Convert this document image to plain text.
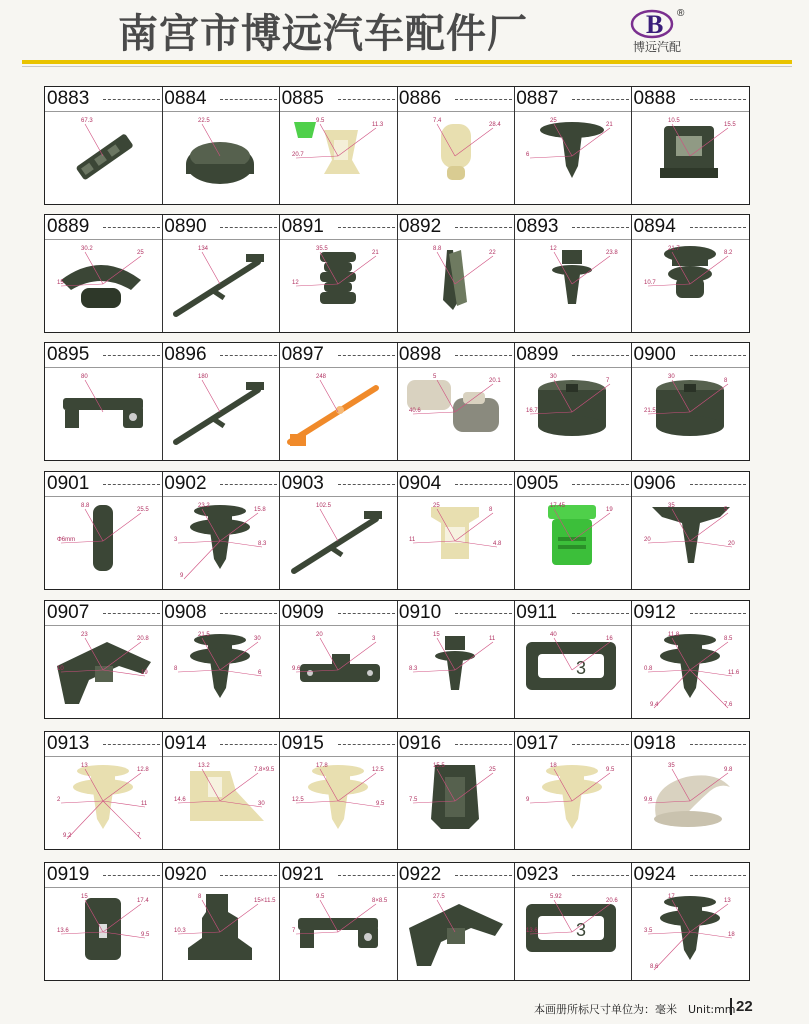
南宫市博远汽车配件厂	B ®
博远汽配
0883
67.3
0884
22.5
0885
9.5
11.3
20.7
0886
7.4
28.4
0887
25
21
6
0888
10.5
15.5
0889
30.2
25
15
0890
134
0891
35.5
21
12
0892
8.8
22
0893
12
23.8
0894
21.7
8.2
10.7
0895
80
0896
180
0897
248
0898
5
20.1
40.6
0899
30
7
16.7
0900
30
8
21.5
0901
8.8
25.5
Φ6mm
0902
23.2
15.8
3
8.3
9
0903
102.5
0904
25
8
11
4.8
0905
17.45
19
0906
35
5
20
20
0907
23
20.8
10
19
0908
21.5
30
8
6
0909
20
3
9.6
0910
15
11
8.3
0911
3
40
16
0912
11.8
8.5
0.8
11.6
9.4	7.6
0913
13
12.8
2
11
9.2	7
0914
13.2
7.8×9.5
14.6
30
0915
17.8
12.5
12.5
9.5
0916
15.5
25
7.5
0917
18
9.5
9
0918
35
9.8
9.6
0919
15
17.4
13.6
9.5
0920
8
15×11.5
10.3
0921
9.5
8×8.5
7
0922
27.5
0923
3
5.92
20.6
13.6
0924
17
13
3.5
18
8.6
本画册所标尺寸单位为：毫米　Unit:mm 22
